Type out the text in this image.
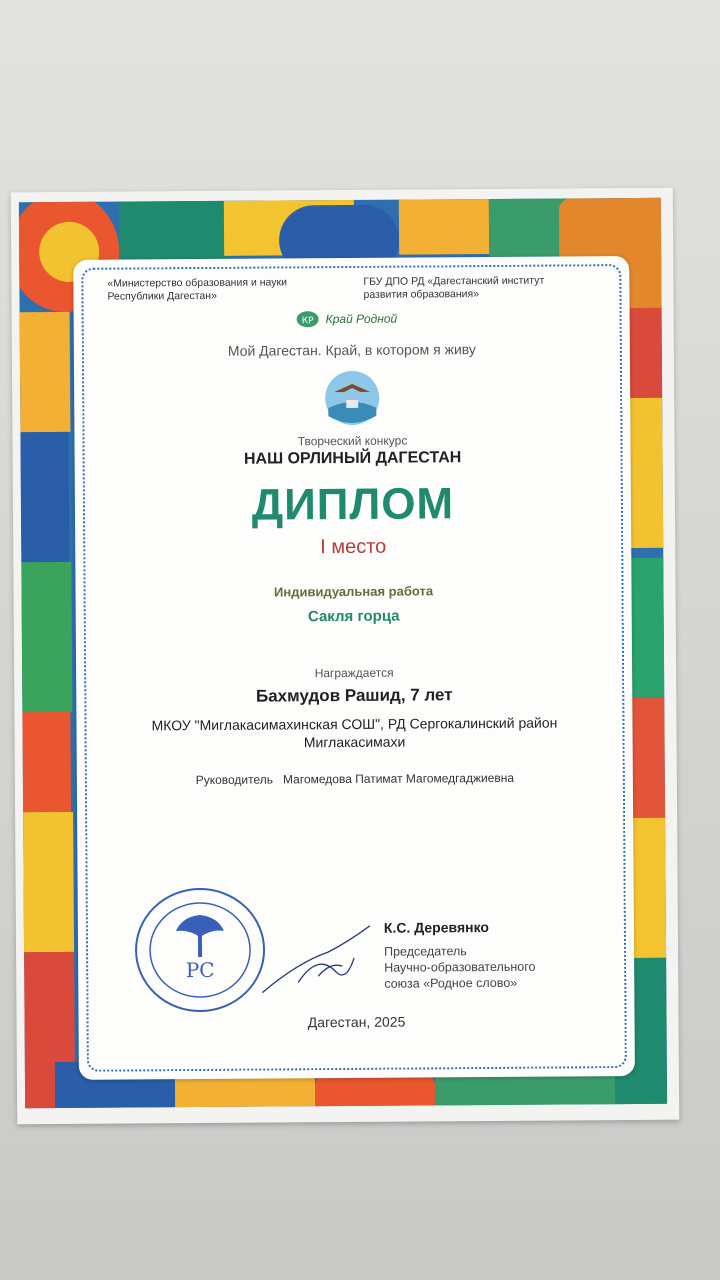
«Министерство образования и науки
Республики Дагестан»
ГБУ ДПО РД «Дагестанский институт
развития образования»
КР Край Родной
Мой Дагестан. Край, в котором я живу
Творческий конкурс
НАШ ОРЛИНЫЙ ДАГЕСТАН
ДИПЛОМ
I место
Индивидуальная работа
Сакля горца
Награждается
Бахмудов Рашид, 7 лет
МКОУ "Миглакасимахинская СОШ", РД Сергокалинский район
Миглакасимахи
Руководитель Магомедова Патимат Магомедгаджиевна
РС
К.С. Деревянко
Председатель
Научно-образовательного
союза «Родное слово»
Дагестан, 2025
